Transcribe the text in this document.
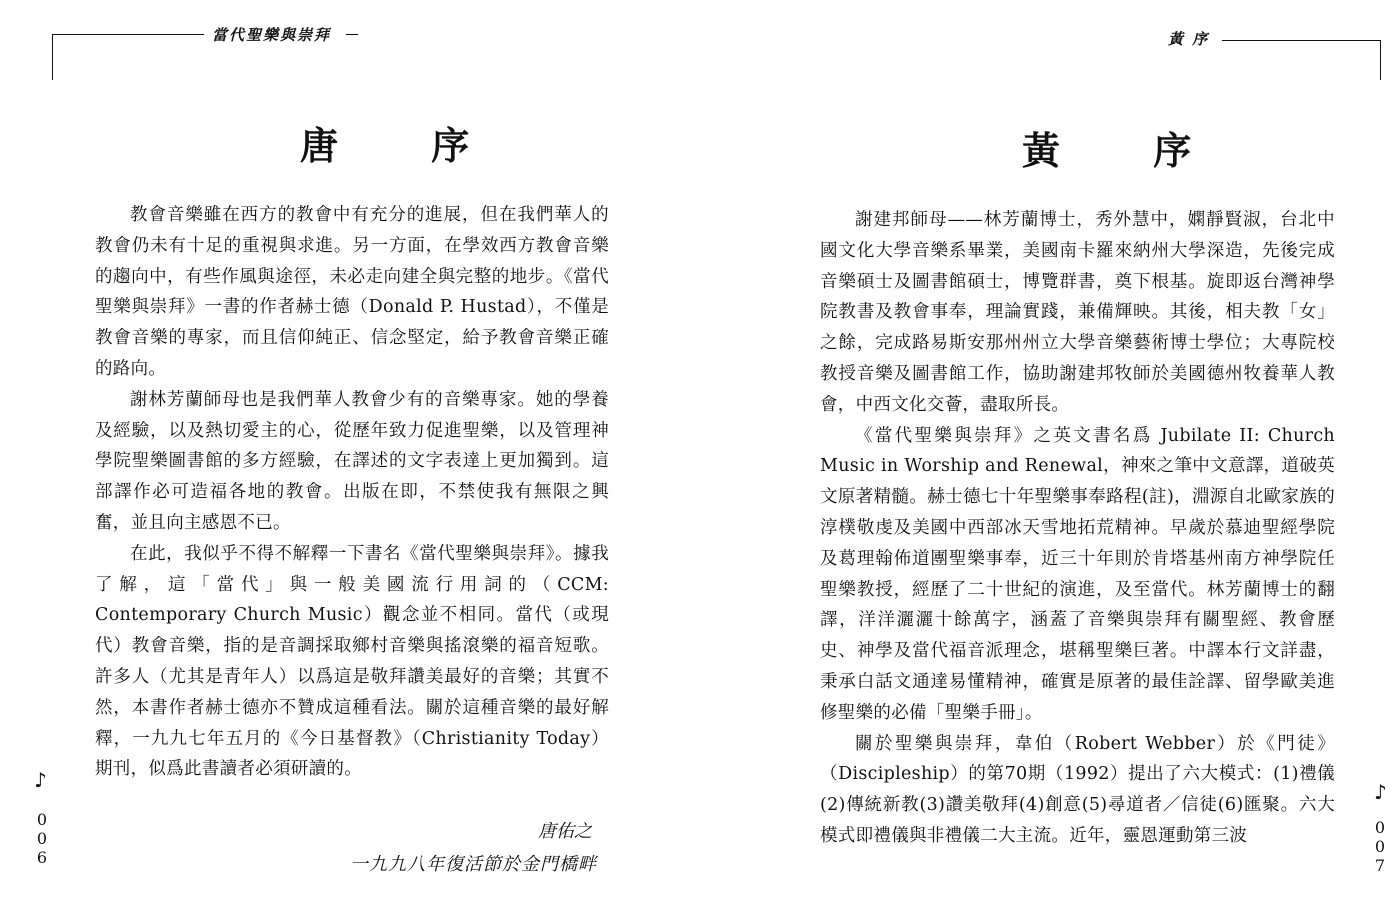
當代聖樂與崇拜
唐 序

教會音樂雖在西方的教會中有充分的進展，但在我們華人的教會仍未有十足的重視與求進。另一方面，在學效西方教會音樂的趨向中，有些作風與途徑，未必走向建全與完整的地步。《當代聖樂與崇拜》一書的作者赫士德（Donald P. Hustad），不僅是教會音樂的專家，而且信仰純正、信念堅定，給予教會音樂正確的路向。

謝林芳蘭師母也是我們華人教會少有的音樂專家。她的學養及經驗，以及熱切愛主的心，從歷年致力促進聖樂，以及管理神學院聖樂圖書館的多方經驗，在譯述的文字表達上更加獨到。這部譯作必可造福各地的教會。出版在即，不禁使我有無限之興奮，並且向主感恩不已。

在此，我似乎不得不解釋一下書名《當代聖樂與崇拜》。據我了解，這「當代」與一般美國流行用詞的（CCM: Contemporary Church Music）觀念並不相同。當代（或現代）教會音樂，指的是音調採取鄉村音樂與搖滾樂的福音短歌。許多人（尤其是青年人）以爲這是敬拜讚美最好的音樂；其實不然，本書作者赫士德亦不贊成這種看法。關於這種音樂的最好解釋，一九九七年五月的《今日基督教》（Christianity Today）期刊，似爲此書讀者必須研讀的。

唐佑之
一九九八年復活節於金門橋畔
♪
0
0
6
黃 序
黃 序

謝建邦師母——林芳蘭博士，秀外慧中，嫻靜賢淑，台北中國文化大學音樂系畢業，美國南卡羅來納州大學深造，先後完成音樂碩士及圖書館碩士，博覽群書，奠下根基。旋即返台灣神學院教書及教會事奉，理論實踐，兼備輝映。其後，相夫教「女」之餘，完成路易斯安那州州立大學音樂藝術博士學位；大專院校教授音樂及圖書館工作，協助謝建邦牧師於美國德州牧養華人教會，中西文化交薈，盡取所長。

《當代聖樂與崇拜》之英文書名爲 Jubilate II: Church Music in Worship and Renewal，神來之筆中文意譯，道破英文原著精髓。赫士德七十年聖樂事奉路程(註)，淵源自北歐家族的淳樸敬虔及美國中西部冰天雪地拓荒精神。早歲於慕迪聖經學院及葛理翰佈道團聖樂事奉，近三十年則於肯塔基州南方神學院任聖樂教授，經歷了二十世紀的演進，及至當代。林芳蘭博士的翻譯，洋洋灑灑十餘萬字，涵蓋了音樂與崇拜有關聖經、教會歷史、神學及當代福音派理念，堪稱聖樂巨著。中譯本行文詳盡，秉承白話文通達易懂精神，確實是原著的最佳詮譯、留學歐美進修聖樂的必備「聖樂手冊」。

關於聖樂與崇拜，韋伯（Robert Webber）於《門徒》（Discipleship）的第70期（1992）提出了六大模式：(1)禮儀 (2)傳統新教(3)讚美敬拜(4)創意(5)尋道者／信徒(6)匯聚。六大模式即禮儀與非禮儀二大主流。近年，靈恩運動第三波

♪
0
0
7
